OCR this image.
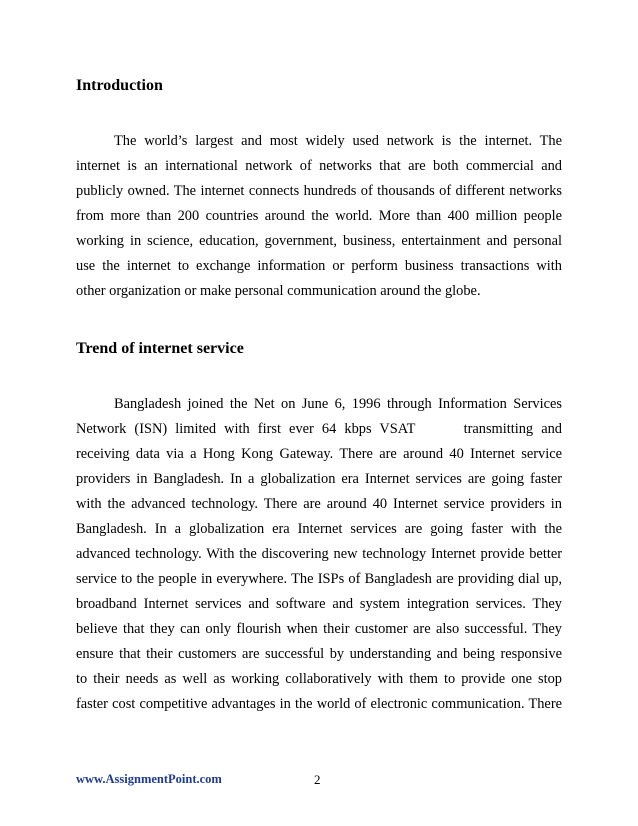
Introduction
The world’s largest and most widely used network is the internet. The
internet is an international network of networks that are both commercial and
publicly owned. The internet connects hundreds of thousands of different networks
from more than 200 countries around the world. More than 400 million people
working in science, education, government, business, entertainment and personal
use the internet to exchange information or perform business transactions with
other organization or make personal communication around the globe.
Trend of internet service
Bangladesh joined the Net on June 6, 1996 through Information Services
Network (ISN) limited with first ever 64 kbps VSAT      transmitting and
receiving data via a Hong Kong Gateway. There are around 40 Internet service
providers in Bangladesh. In a globalization era Internet services are going faster
with the advanced technology. There are around 40 Internet service providers in
Bangladesh. In a globalization era Internet services are going faster with the
advanced technology. With the discovering new technology Internet provide better
service to the people in everywhere. The ISPs of Bangladesh are providing dial up,
broadband Internet services and software and system integration services. They
believe that they can only flourish when their customer are also successful. They
ensure that their customers are successful by understanding and being responsive
to their needs as well as working collaboratively with them to provide one stop
faster cost competitive advantages in the world of electronic communication. There
www.AssignmentPoint.com	2
